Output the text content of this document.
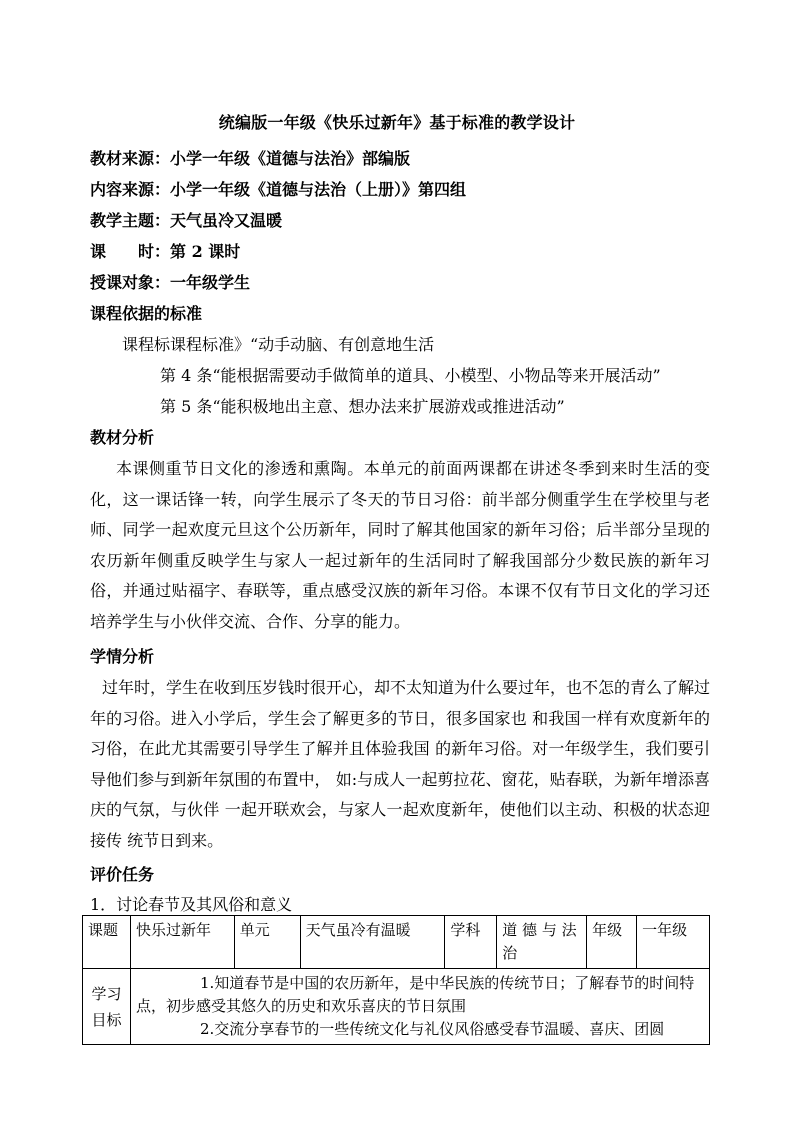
统编版一年级《快乐过新年》基于标准的教学设计
教材来源：小学一年级《道德与法治》部编版
内容来源：小学一年级《道德与法治（上册）》第四组
教学主题：天气虽冷又温暖
课　　时：第 2 课时
授课对象：一年级学生
课程依据的标准
课程标课程标准》“动手动脑、有创意地生活
第 4 条“能根据需要动手做简单的道具、小模型、小物品等来开展活动”
第 5 条“能积极地出主意、想办法来扩展游戏或推进活动”
教材分析
本课侧重节日文化的渗透和熏陶。本单元的前面两课都在讲述冬季到来时生活的变化，这一课话锋一转，向学生展示了冬天的节日习俗：前半部分侧重学生在学校里与老师、同学一起欢度元旦这个公历新年，同时了解其他国家的新年习俗；后半部分呈现的农历新年侧重反映学生与家人一起过新年的生活同时了解我国部分少数民族的新年习俗，并通过贴福字、春联等，重点感受汉族的新年习俗。本课不仅有节日文化的学习还培养学生与小伙伴交流、合作、分享的能力。
学情分析
过年时，学生在收到压岁钱时很开心，却不太知道为什么要过年，也不怎的青么了解过年的习俗。进入小学后，学生会了解更多的节日，很多国家也 和我国一样有欢度新年的习俗，在此尤其需要引导学生了解并且体验我国 的新年习俗。对一年级学生，我们要引导他们参与到新年氛围的布置中， 如:与成人一起剪拉花、窗花，贴春联，为新年增添喜庆的气氛，与伙伴 一起开联欢会，与家人一起欢度新年，使他们以主动、积极的状态迎接传 统节日到来。
评价任务
1．讨论春节及其风俗和意义
课题	快乐过新年	单元	天气虽冷有温暖	学科	道 德 与 法 治	年级	一年级
学习目标	1.知道春节是中国的农历新年，是中华民族的传统节日；了解春节的时间特点，初步感受其悠久的历史和欢乐喜庆的节日氛围

2.交流分享春节的一些传统文化与礼仪风俗感受春节温暖、喜庆、团圆						
